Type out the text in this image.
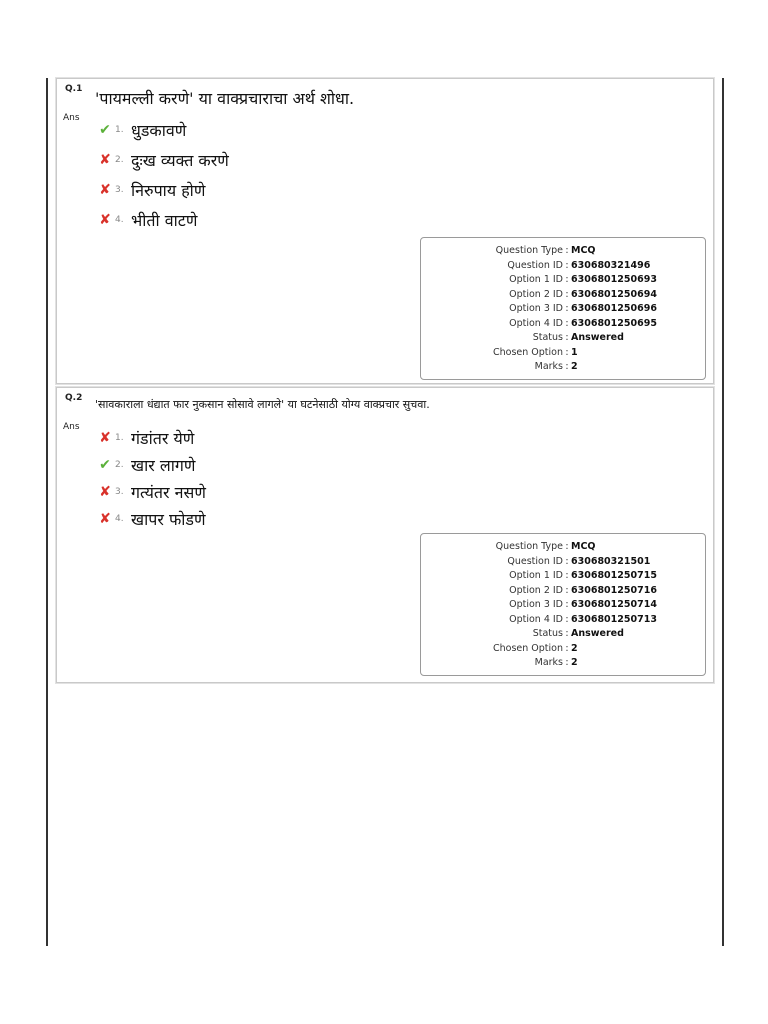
Q.1
Ans
'पायमल्ली करणे' या वाक्प्रचाराचा अर्थ शोधा.
✔ 1. धुडकावणे
✘ 2. दुःख व्यक्त करणे
✘ 3. निरुपाय होणे
✘ 4. भीती वाटणे
Question Type : MCQ
Question ID : 630680321496
Option 1 ID : 6306801250693
Option 2 ID : 6306801250694
Option 3 ID : 6306801250696
Option 4 ID : 6306801250695
Status : Answered
Chosen Option : 1
Marks : 2
Q.2
Ans
'सावकाराला धंद्यात फार नुकसान सोसावे लागले' या घटनेसाठी योग्य वाक्प्रचार सुचवा.
✘ 1. गंडांतर येणे
✔ 2. खार लागणे
✘ 3. गत्यंतर नसणे
✘ 4. खापर फोडणे
Question Type : MCQ
Question ID : 630680321501
Option 1 ID : 6306801250715
Option 2 ID : 6306801250716
Option 3 ID : 6306801250714
Option 4 ID : 6306801250713
Status : Answered
Chosen Option : 2
Marks : 2
